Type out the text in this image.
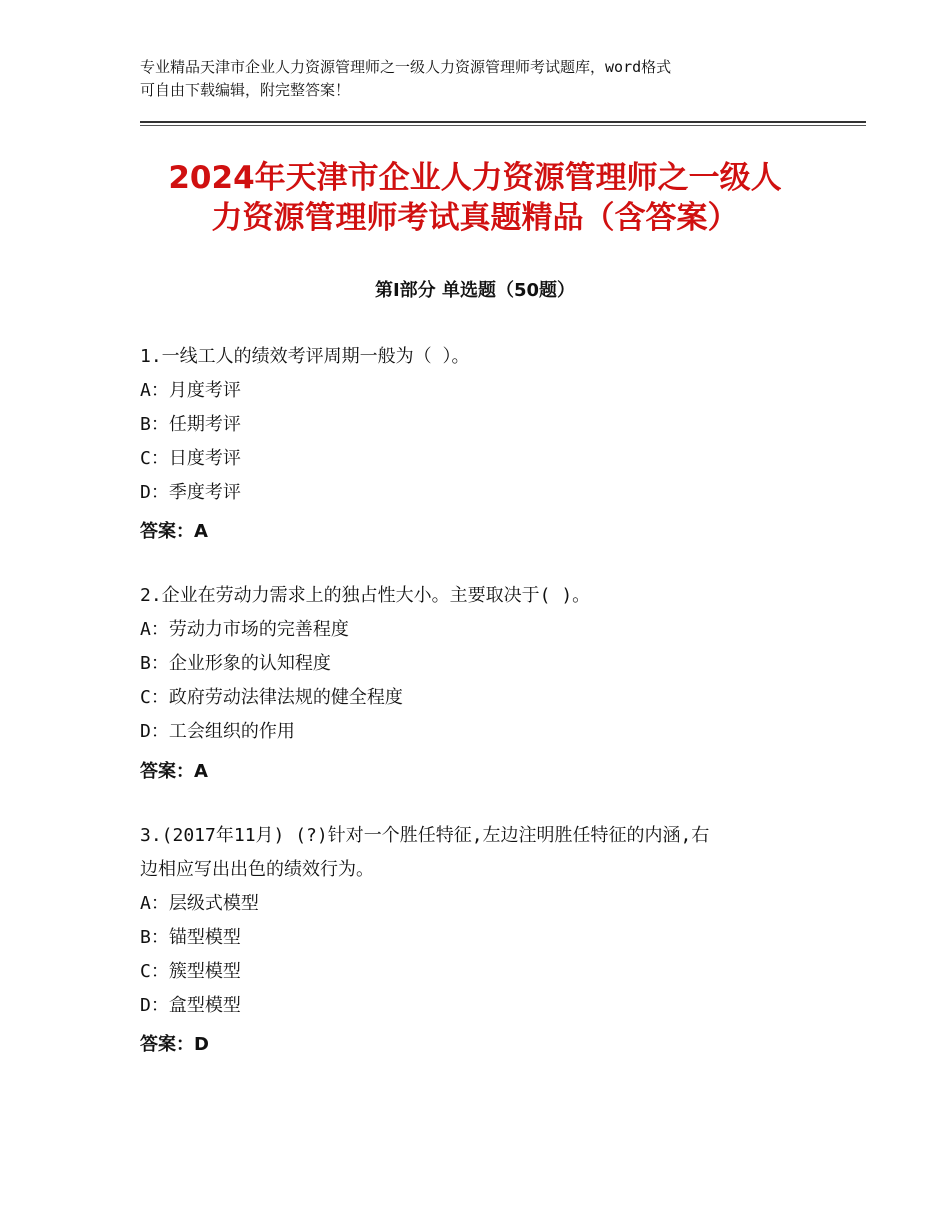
专业精品天津市企业人力资源管理师之一级人力资源管理师考试题库，word格式
可自由下载编辑，附完整答案！
2024年天津市企业人力资源管理师之一级人
力资源管理师考试真题精品（含答案）
第Ⅰ部分 单选题（50题）
1.一线工人的绩效考评周期一般为（ ）。
A：月度考评
B：任期考评
C：日度考评
D：季度考评
答案：A
2.企业在劳动力需求上的独占性大小。主要取决于( )。
A：劳动力市场的完善程度
B：企业形象的认知程度
C：政府劳动法律法规的健全程度
D：工会组织的作用
答案：A
3.(2017年11月) (?)针对一个胜任特征,左边注明胜任特征的内涵,右
边相应写出出色的绩效行为。
A：层级式模型
B：锚型模型
C：簇型模型
D：盒型模型
答案：D
